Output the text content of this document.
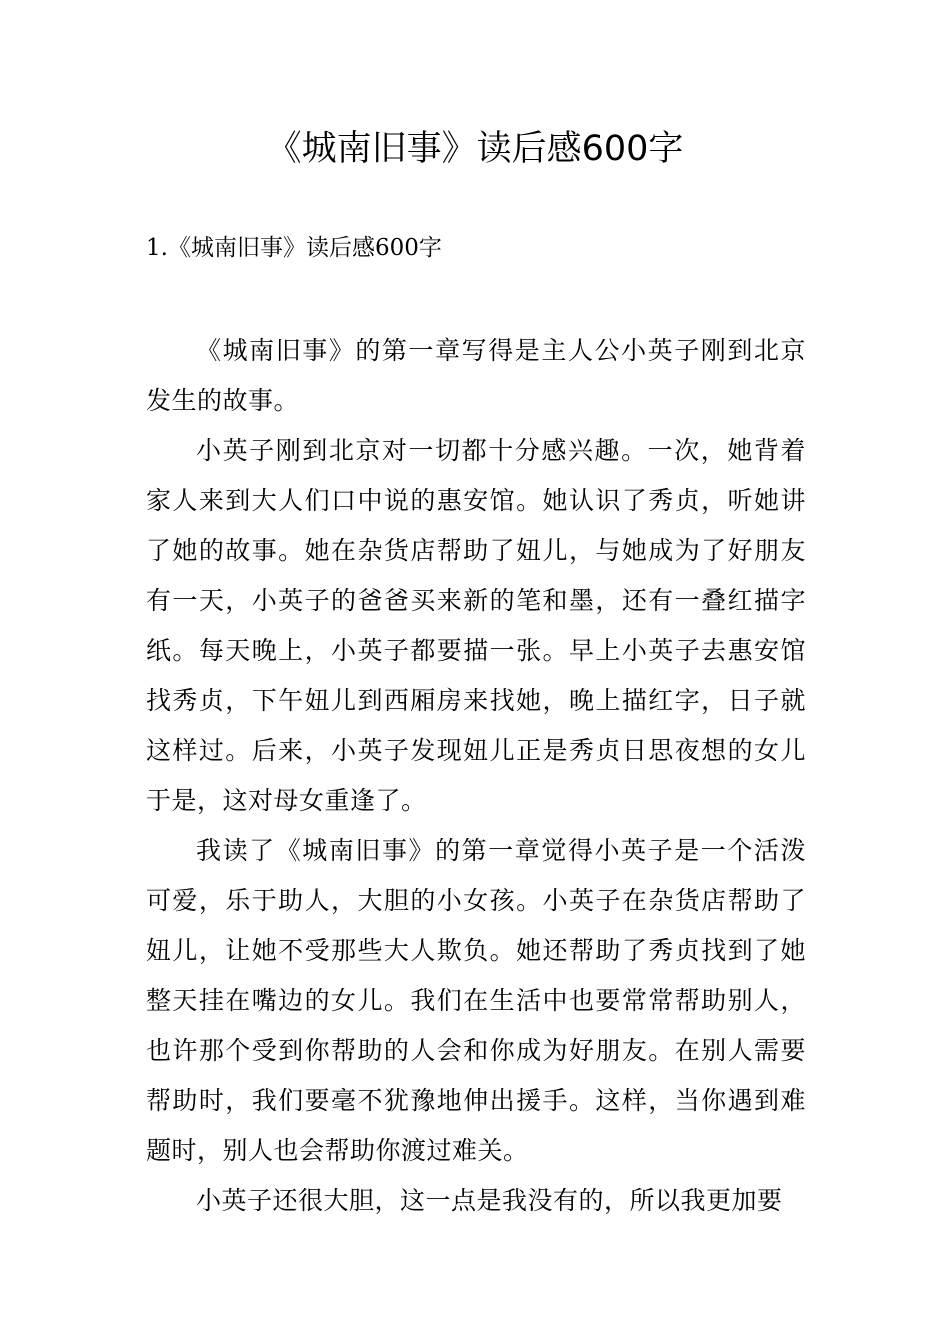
《城南旧事》读后感600字

1.《城南旧事》读后感600字

《城南旧事》的第一章写得是主人公小英子刚到北京发生的故事。

小英子刚到北京对一切都十分感兴趣。一次，她背着家人来到大人们口中说的惠安馆。她认识了秀贞，听她讲了她的故事。她在杂货店帮助了妞儿，与她成为了好朋友有一天，小英子的爸爸买来新的笔和墨，还有一叠红描字纸。每天晚上，小英子都要描一张。早上小英子去惠安馆找秀贞，下午妞儿到西厢房来找她，晚上描红字，日子就这样过。后来，小英子发现妞儿正是秀贞日思夜想的女儿于是，这对母女重逢了。

我读了《城南旧事》的第一章觉得小英子是一个活泼可爱，乐于助人，大胆的小女孩。小英子在杂货店帮助了妞儿，让她不受那些大人欺负。她还帮助了秀贞找到了她整天挂在嘴边的女儿。我们在生活中也要常常帮助别人，也许那个受到你帮助的人会和你成为好朋友。在别人需要帮助时，我们要毫不犹豫地伸出援手。这样，当你遇到难题时，别人也会帮助你渡过难关。

小英子还很大胆，这一点是我没有的，所以我更加要
